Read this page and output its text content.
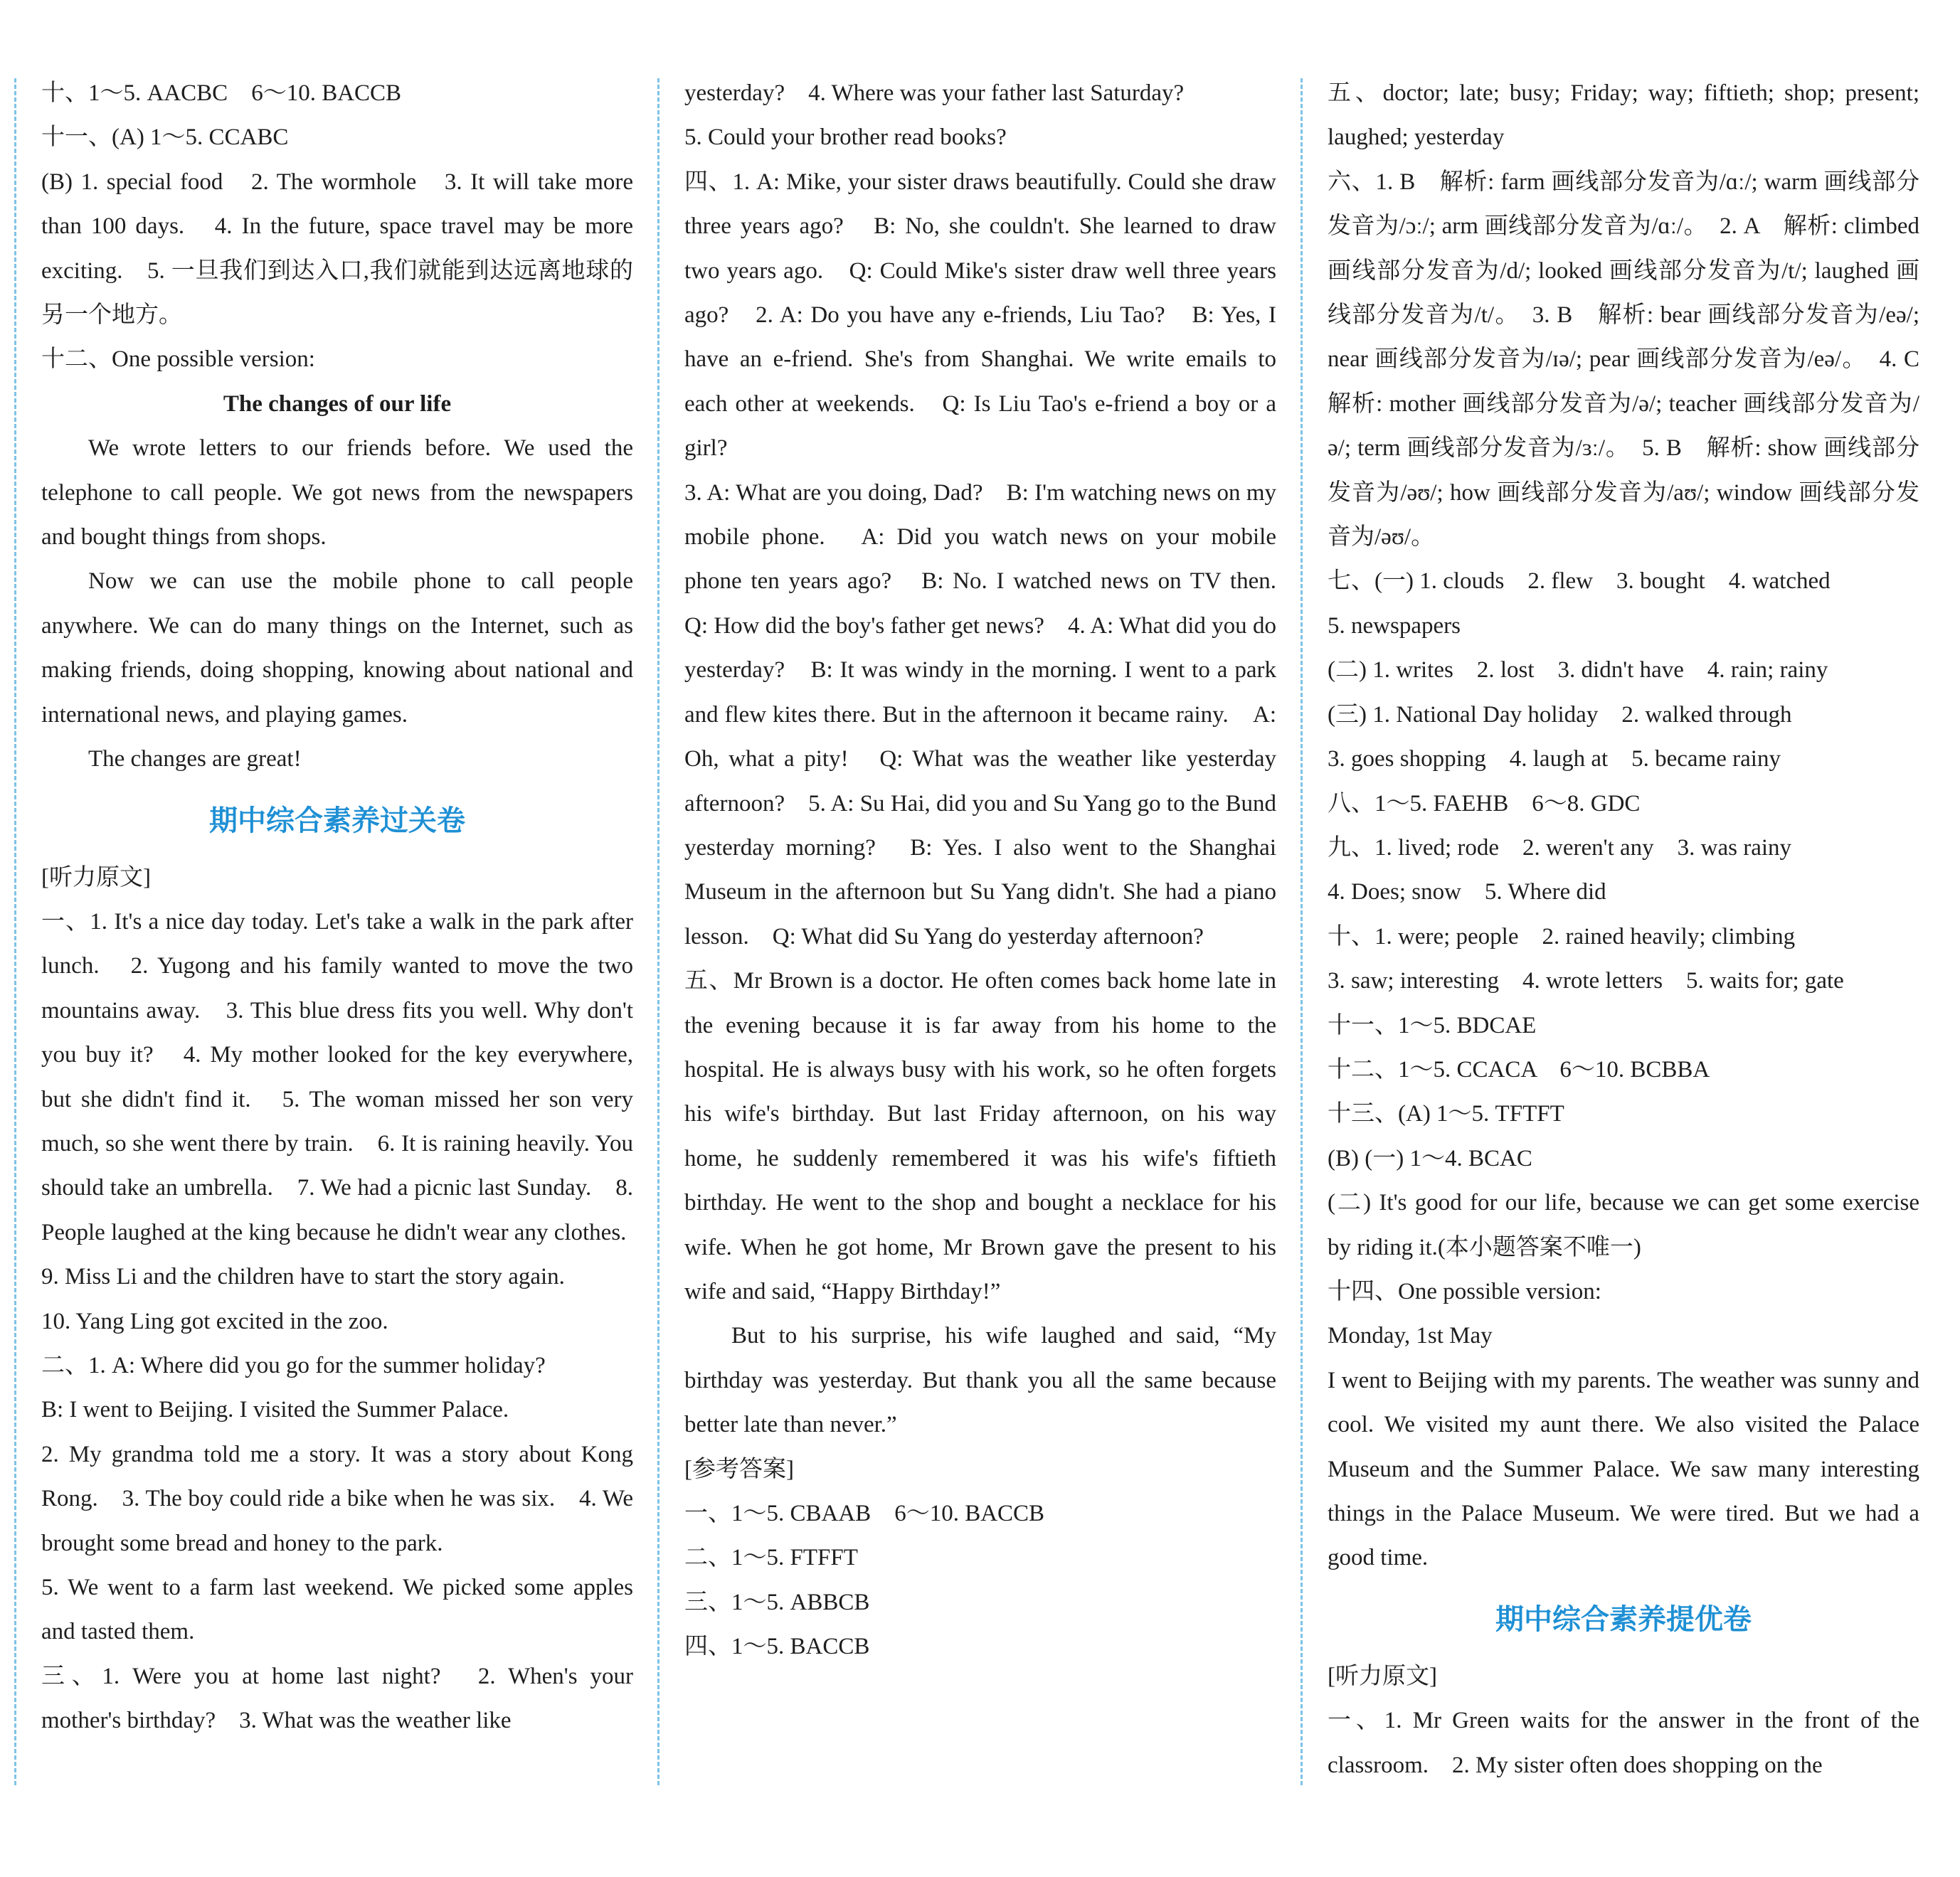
十、1～5. AACBC　6～10. BACCB

十一、(A) 1～5. CCABC

(B) 1. special food　2. The wormhole　3. It will take more than 100 days.　4. In the future, space travel may be more exciting.　5. 一旦我们到达入口,我们就能到达远离地球的另一个地方。

十二、One possible version:

The changes of our life

We wrote letters to our friends before. We used the telephone to call people. We got news from the newspapers and bought things from shops.

Now we can use the mobile phone to call people anywhere. We can do many things on the Internet, such as making friends, doing shopping, knowing about national and international news, and playing games.

The changes are great!

期中综合素养过关卷

[听力原文]

一、1. It's a nice day today. Let's take a walk in the park after lunch.　2. Yugong and his family wanted to move the two mountains away.　3. This blue dress fits you well. Why don't you buy it?　4. My mother looked for the key everywhere, but she didn't find it.　5. The woman missed her son very much, so she went there by train.　6. It is raining heavily. You should take an umbrella.　7. We had a picnic last Sunday.　8. People laughed at the king because he didn't wear any clothes.

9. Miss Li and the children have to start the story again.

10. Yang Ling got excited in the zoo.

二、1. A: Where did you go for the summer holiday?

B: I went to Beijing. I visited the Summer Palace.

2. My grandma told me a story. It was a story about Kong Rong.　3. The boy could ride a bike when he was six.　4. We brought some bread and honey to the park.

5. We went to a farm last weekend. We picked some apples and tasted them.

三、1. Were you at home last night?　2. When's your mother's birthday?　3. What was the weather like

yesterday?　4. Where was your father last Saturday?

5. Could your brother read books?

四、1. A: Mike, your sister draws beautifully. Could she draw three years ago?　B: No, she couldn't. She learned to draw two years ago.　Q: Could Mike's sister draw well three years ago?　2. A: Do you have any e-friends, Liu Tao?　B: Yes, I have an e-friend. She's from Shanghai. We write emails to each other at weekends.　Q: Is Liu Tao's e-friend a boy or a girl?

3. A: What are you doing, Dad?　B: I'm watching news on my mobile phone.　A: Did you watch news on your mobile phone ten years ago?　B: No. I watched news on TV then.　Q: How did the boy's father get news?　4. A: What did you do yesterday?　B: It was windy in the morning. I went to a park and flew kites there. But in the afternoon it became rainy.　A: Oh, what a pity!　Q: What was the weather like yesterday afternoon?　5. A: Su Hai, did you and Su Yang go to the Bund yesterday morning?　B: Yes. I also went to the Shanghai Museum in the afternoon but Su Yang didn't. She had a piano lesson.　Q: What did Su Yang do yesterday afternoon?

五、Mr Brown is a doctor. He often comes back home late in the evening because it is far away from his home to the hospital. He is always busy with his work, so he often forgets his wife's birthday. But last Friday afternoon, on his way home, he suddenly remembered it was his wife's fiftieth birthday. He went to the shop and bought a necklace for his wife. When he got home, Mr Brown gave the present to his wife and said, “Happy Birthday!”

But to his surprise, his wife laughed and said, “My birthday was yesterday. But thank you all the same because better late than never.”

[参考答案]

一、1～5. CBAAB　6～10. BACCB

二、1～5. FTFFT

三、1～5. ABBCB

四、1～5. BACCB

五、doctor; late; busy; Friday; way; fiftieth; shop; present; laughed; yesterday

六、1. B　解析: farm 画线部分发音为/ɑː/; warm 画线部分发音为/ɔː/; arm 画线部分发音为/ɑː/。　2. A　解析: climbed 画线部分发音为/d/; looked 画线部分发音为/t/; laughed 画线部分发音为/t/。　3. B　解析: bear 画线部分发音为/eə/; near 画线部分发音为/ɪə/; pear 画线部分发音为/eə/。　4. C　解析: mother 画线部分发音为/ə/; teacher 画线部分发音为/ə/; term 画线部分发音为/ɜː/。　5. B　解析: show 画线部分发音为/əʊ/; how 画线部分发音为/aʊ/; window 画线部分发音为/əʊ/。

七、(一) 1. clouds　2. flew　3. bought　4. watched

5. newspapers

(二) 1. writes　2. lost　3. didn't have　4. rain; rainy

(三) 1. National Day holiday　2. walked through

3. goes shopping　4. laugh at　5. became rainy

八、1～5. FAEHB　6～8. GDC

九、1. lived; rode　2. weren't any　3. was rainy

4. Does; snow　5. Where did

十、1. were; people　2. rained heavily; climbing

3. saw; interesting　4. wrote letters　5. waits for; gate

十一、1～5. BDCAE

十二、1～5. CCACA　6～10. BCBBA

十三、(A) 1～5. TFTFT

(B) (一) 1～4. BCAC

(二) It's good for our life, because we can get some exercise by riding it.(本小题答案不唯一)

十四、One possible version:

Monday, 1st May

I went to Beijing with my parents. The weather was sunny and cool. We visited my aunt there. We also visited the Palace Museum and the Summer Palace. We saw many interesting things in the Palace Museum. We were tired. But we had a good time.

期中综合素养提优卷

[听力原文]

一、1. Mr Green waits for the answer in the front of the classroom.　2. My sister often does shopping on the
